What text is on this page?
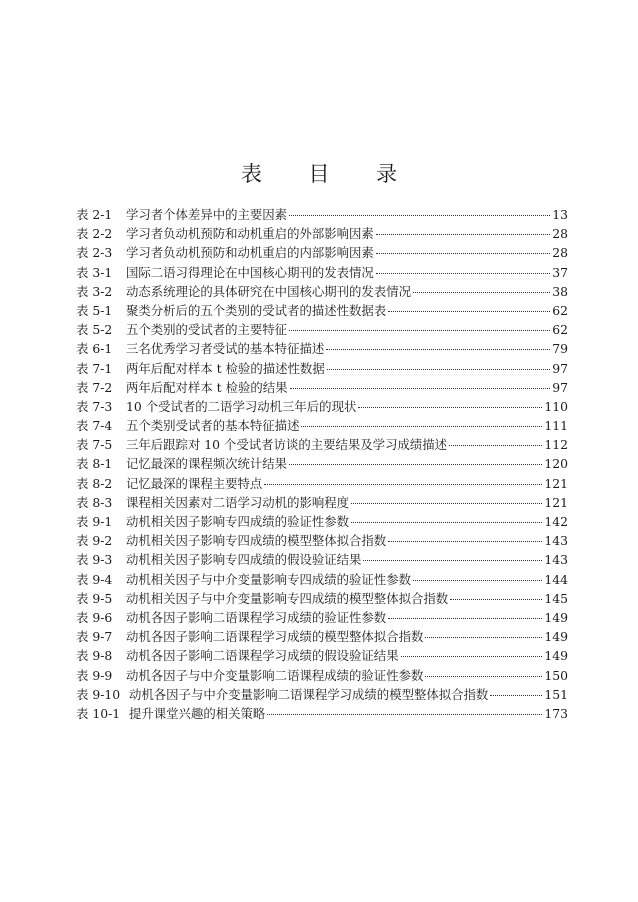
表 目 录
表 2-1	学习者个体差异中的主要因素	13
表 2-2	学习者负动机预防和动机重启的外部影响因素	28
表 2-3	学习者负动机预防和动机重启的内部影响因素	28
表 3-1	国际二语习得理论在中国核心期刊的发表情况	37
表 3-2	动态系统理论的具体研究在中国核心期刊的发表情况	38
表 5-1	聚类分析后的五个类别的受试者的描述性数据表	62
表 5-2	五个类别的受试者的主要特征	62
表 6-1	三名优秀学习者受试的基本特征描述	79
表 7-1	两年后配对样本 t 检验的描述性数据	97
表 7-2	两年后配对样本 t 检验的结果	97
表 7-3	10 个受试者的二语学习动机三年后的现状	110
表 7-4	五个类别受试者的基本特征描述	111
表 7-5	三年后跟踪对 10 个受试者访谈的主要结果及学习成绩描述	112
表 8-1	记忆最深的课程频次统计结果	120
表 8-2	记忆最深的课程主要特点	121
表 8-3	课程相关因素对二语学习动机的影响程度	121
表 9-1	动机相关因子影响专四成绩的验证性参数	142
表 9-2	动机相关因子影响专四成绩的模型整体拟合指数	143
表 9-3	动机相关因子影响专四成绩的假设验证结果	143
表 9-4	动机相关因子与中介变量影响专四成绩的验证性参数	144
表 9-5	动机相关因子与中介变量影响专四成绩的模型整体拟合指数	145
表 9-6	动机各因子影响二语课程学习成绩的验证性参数	149
表 9-7	动机各因子影响二语课程学习成绩的模型整体拟合指数	149
表 9-8	动机各因子影响二语课程学习成绩的假设验证结果	149
表 9-9	动机各因子与中介变量影响二语课程成绩的验证性参数	150
表 9-10 动机各因子与中介变量影响二语课程学习成绩的模型整体拟合指数	151
表 10-1 提升课堂兴趣的相关策略	173
